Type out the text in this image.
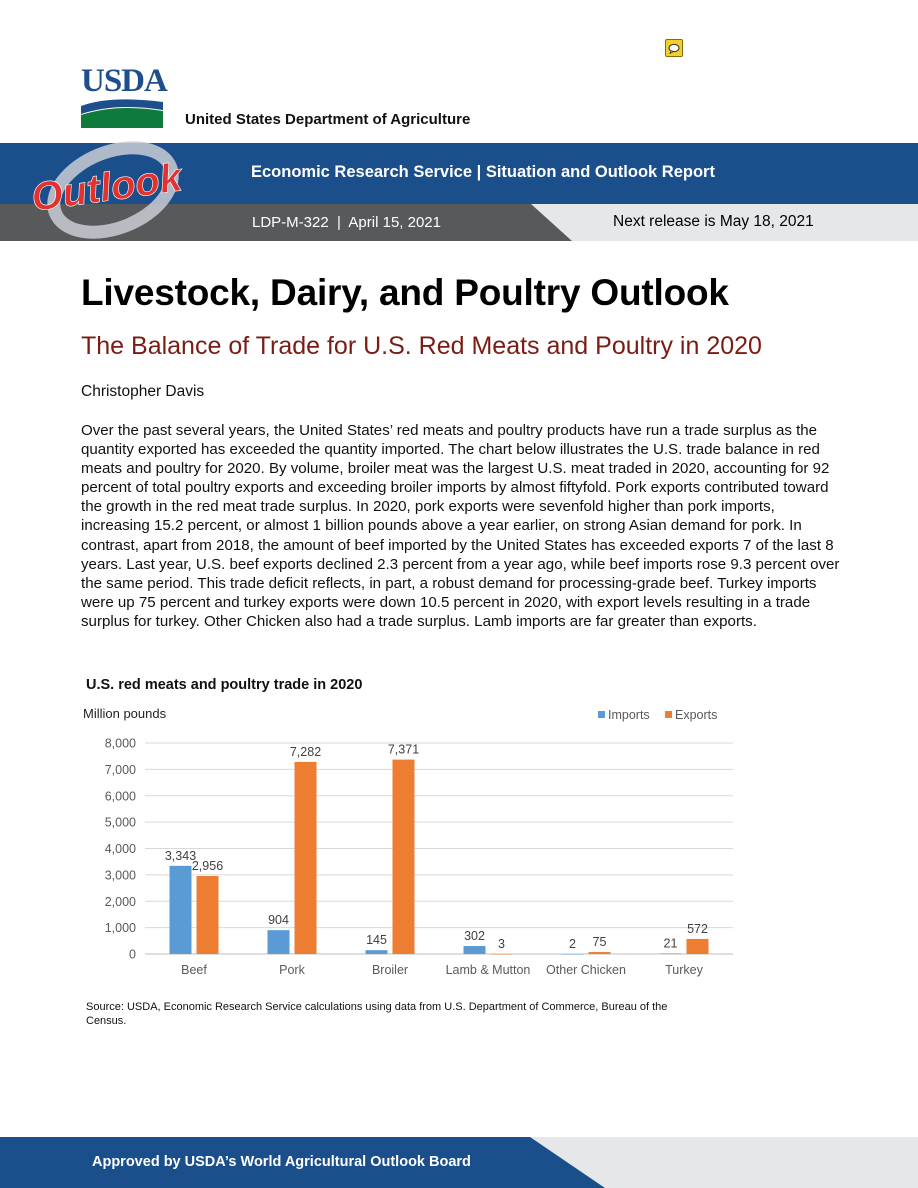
USDA
United States Department of Agriculture
Economic Research Service | Situation and Outlook Report
LDP-M-322  |  April 15, 2021	Next release is May 18, 2021
Outlook
Livestock, Dairy, and Poultry Outlook
The Balance of Trade for U.S. Red Meats and Poultry in 2020
Christopher Davis
Over the past several years, the United States’ red meats and poultry products have run a trade surplus as the quantity exported has exceeded the quantity imported. The chart below illustrates the U.S. trade balance in red meats and poultry for 2020. By volume, broiler meat was the largest U.S. meat traded in 2020, accounting for 92 percent of total poultry exports and exceeding broiler imports by almost fiftyfold. Pork exports contributed toward the growth in the red meat trade surplus. In 2020, pork exports were sevenfold higher than pork imports, increasing 15.2 percent, or almost 1 billion pounds above a year earlier, on strong Asian demand for pork. In contrast, apart from 2018, the amount of beef imported by the United States has exceeded exports 7 of the last 8 years. Last year, U.S. beef exports declined 2.3 percent from a year ago, while beef imports rose 9.3 percent over the same period. This trade deficit reflects, in part, a robust demand for processing-grade beef. Turkey imports were up 75 percent and turkey exports were down 10.5 percent in 2020, with export levels resulting in a trade surplus for turkey. Other Chicken also had a trade surplus. Lamb imports are far greater than exports.
U.S. red meats and poultry trade in 2020
Million pounds
0
1,000
2,000
3,000
4,000
5,000
6,000
7,000
8,000
3,343
2,956
Beef
904
7,282
Pork
145
7,371
Broiler
302
3
Lamb & Mutton
2 75
Other Chicken
21
572
Turkey
Imports Exports
Source: USDA, Economic Research Service calculations using data from U.S. Department of Commerce, Bureau of the Census.
Approved by USDA’s World Agricultural Outlook Board
